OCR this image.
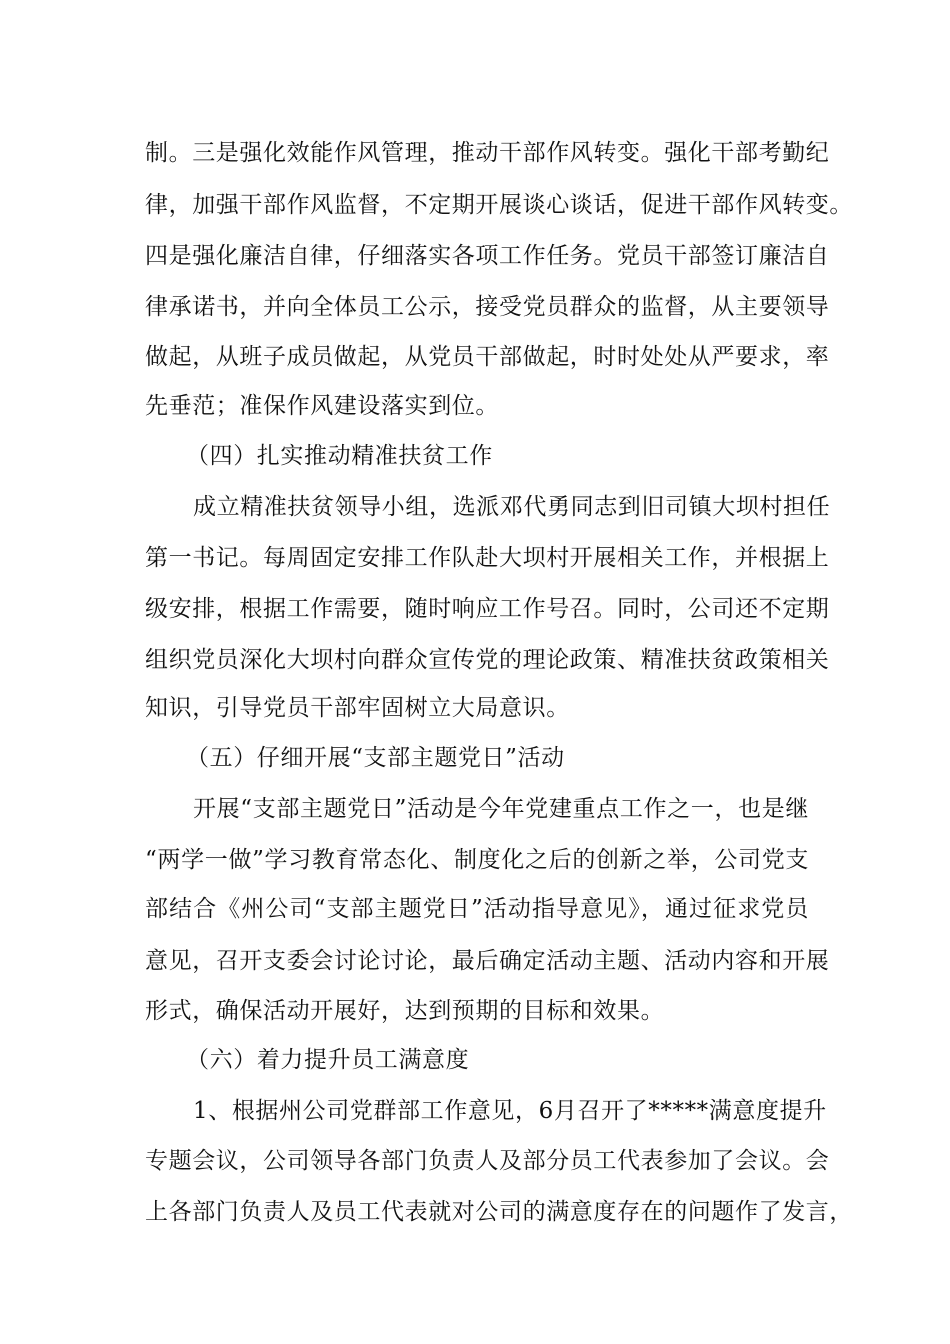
制。三是强化效能作风管理，推动干部作风转变。强化干部考勤纪
律，加强干部作风监督，不定期开展谈心谈话，促进干部作风转变。
四是强化廉洁自律，仔细落实各项工作任务。党员干部签订廉洁自
律承诺书，并向全体员工公示，接受党员群众的监督，从主要领导
做起，从班子成员做起，从党员干部做起，时时处处从严要求，率
先垂范；准保作风建设落实到位。
（四）扎实推动精准扶贫工作
成立精准扶贫领导小组，选派邓代勇同志到旧司镇大坝村担任
第一书记。每周固定安排工作队赴大坝村开展相关工作，并根据上
级安排，根据工作需要，随时响应工作号召。同时，公司还不定期
组织党员深化大坝村向群众宣传党的理论政策、精准扶贫政策相关
知识，引导党员干部牢固树立大局意识。
（五）仔细开展“支部主题党日”活动
开展“支部主题党日”活动是今年党建重点工作之一，也是继
“两学一做”学习教育常态化、制度化之后的创新之举，公司党支
部结合《州公司“支部主题党日”活动指导意见》，通过征求党员
意见，召开支委会讨论讨论，最后确定活动主题、活动内容和开展
形式，确保活动开展好，达到预期的目标和效果。
（六）着力提升员工满意度
1、根据州公司党群部工作意见，6月召开了*****满意度提升
专题会议，公司领导各部门负责人及部分员工代表参加了会议。会
上各部门负责人及员工代表就对公司的满意度存在的问题作了发言，
